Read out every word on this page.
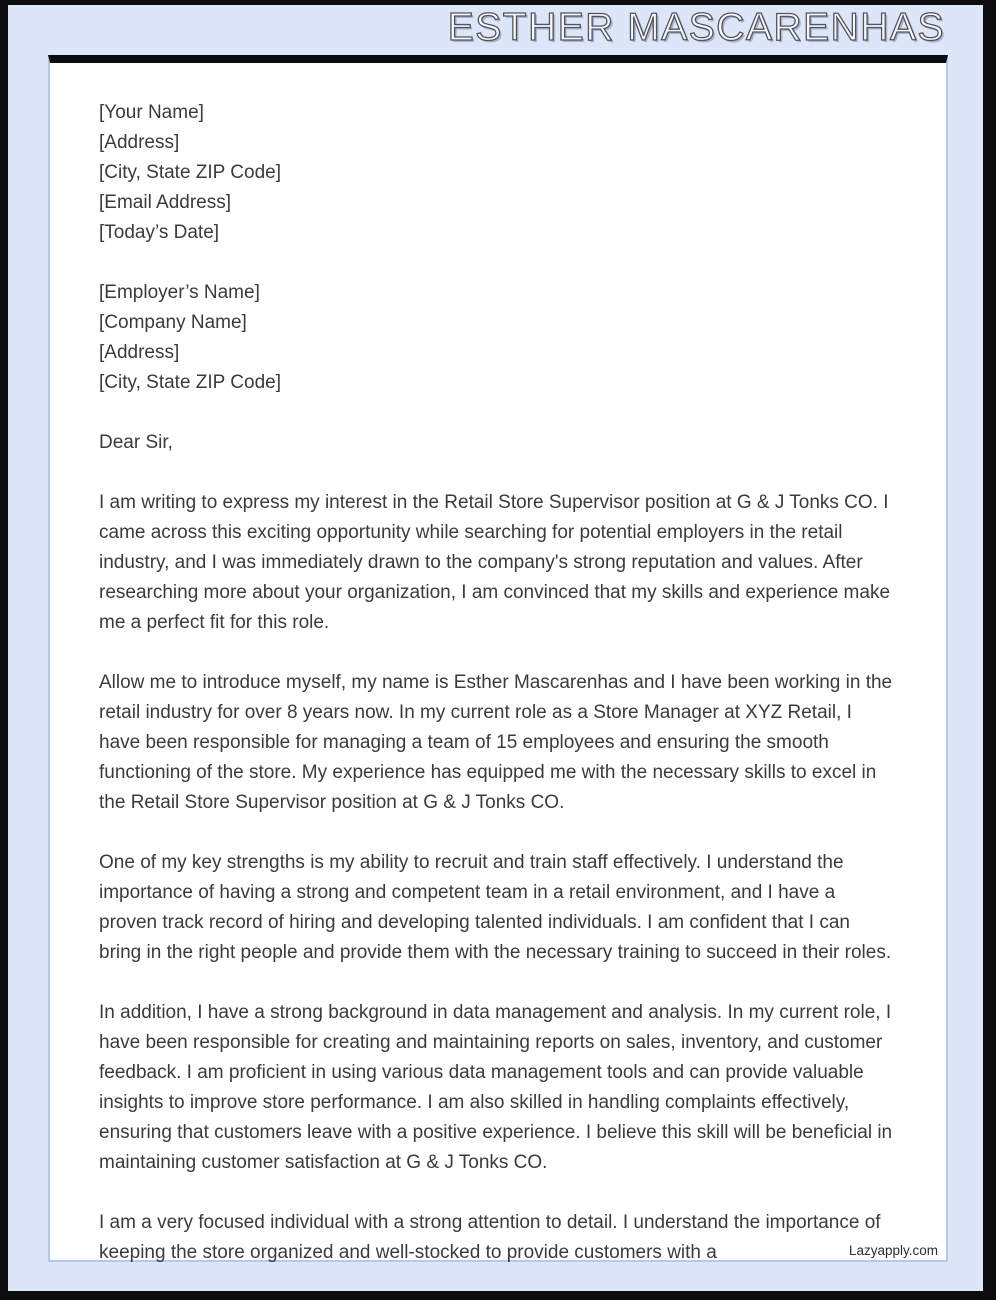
ESTHER MASCARENHAS
[Your Name]
[Address]
[City, State ZIP Code]
[Email Address]
[Today’s Date]
[Employer’s Name]
[Company Name]
[Address]
[City, State ZIP Code]
Dear Sir,

I am writing to express my interest in the Retail Store Supervisor position at G & J Tonks CO. I came across this exciting opportunity while searching for potential employers in the retail industry, and I was immediately drawn to the company's strong reputation and values. After researching more about your organization, I am convinced that my skills and experience make me a perfect fit for this role.

Allow me to introduce myself, my name is Esther Mascarenhas and I have been working in the retail industry for over 8 years now. In my current role as a Store Manager at XYZ Retail, I have been responsible for managing a team of 15 employees and ensuring the smooth functioning of the store. My experience has equipped me with the necessary skills to excel in the Retail Store Supervisor position at G & J Tonks CO.

One of my key strengths is my ability to recruit and train staff effectively. I understand the importance of having a strong and competent team in a retail environment, and I have a proven track record of hiring and developing talented individuals. I am confident that I can bring in the right people and provide them with the necessary training to succeed in their roles.

In addition, I have a strong background in data management and analysis. In my current role, I have been responsible for creating and maintaining reports on sales, inventory, and customer feedback. I am proficient in using various data management tools and can provide valuable insights to improve store performance. I am also skilled in handling complaints effectively, ensuring that customers leave with a positive experience. I believe this skill will be beneficial in maintaining customer satisfaction at G & J Tonks CO.

I am a very focused individual with a strong attention to detail. I understand the importance of keeping the store organized and well-stocked to provide customers with a	Lazyapply.com
